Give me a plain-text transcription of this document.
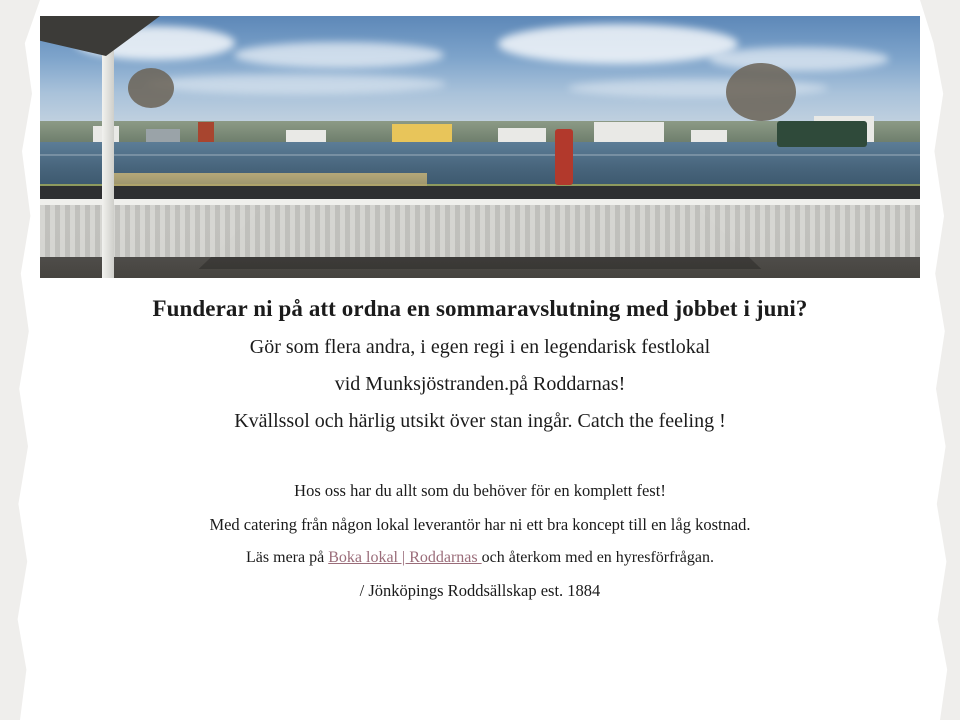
Funderar ni på att ordna en sommaravslutning med jobbet i juni?

Gör som flera andra, i egen regi i en legendarisk festlokal

vid Munksjöstranden.på Roddarnas!

Kvällssol och härlig utsikt över stan ingår. Catch the feeling !

Hos oss har du allt som du behöver för en komplett fest!

Med catering från någon lokal leverantör har ni ett bra koncept till en låg kostnad.

Läs mera på Boka lokal | Roddarnas och återkom med en hyresförfrågan.

/ Jönköpings Roddsällskap est. 1884
